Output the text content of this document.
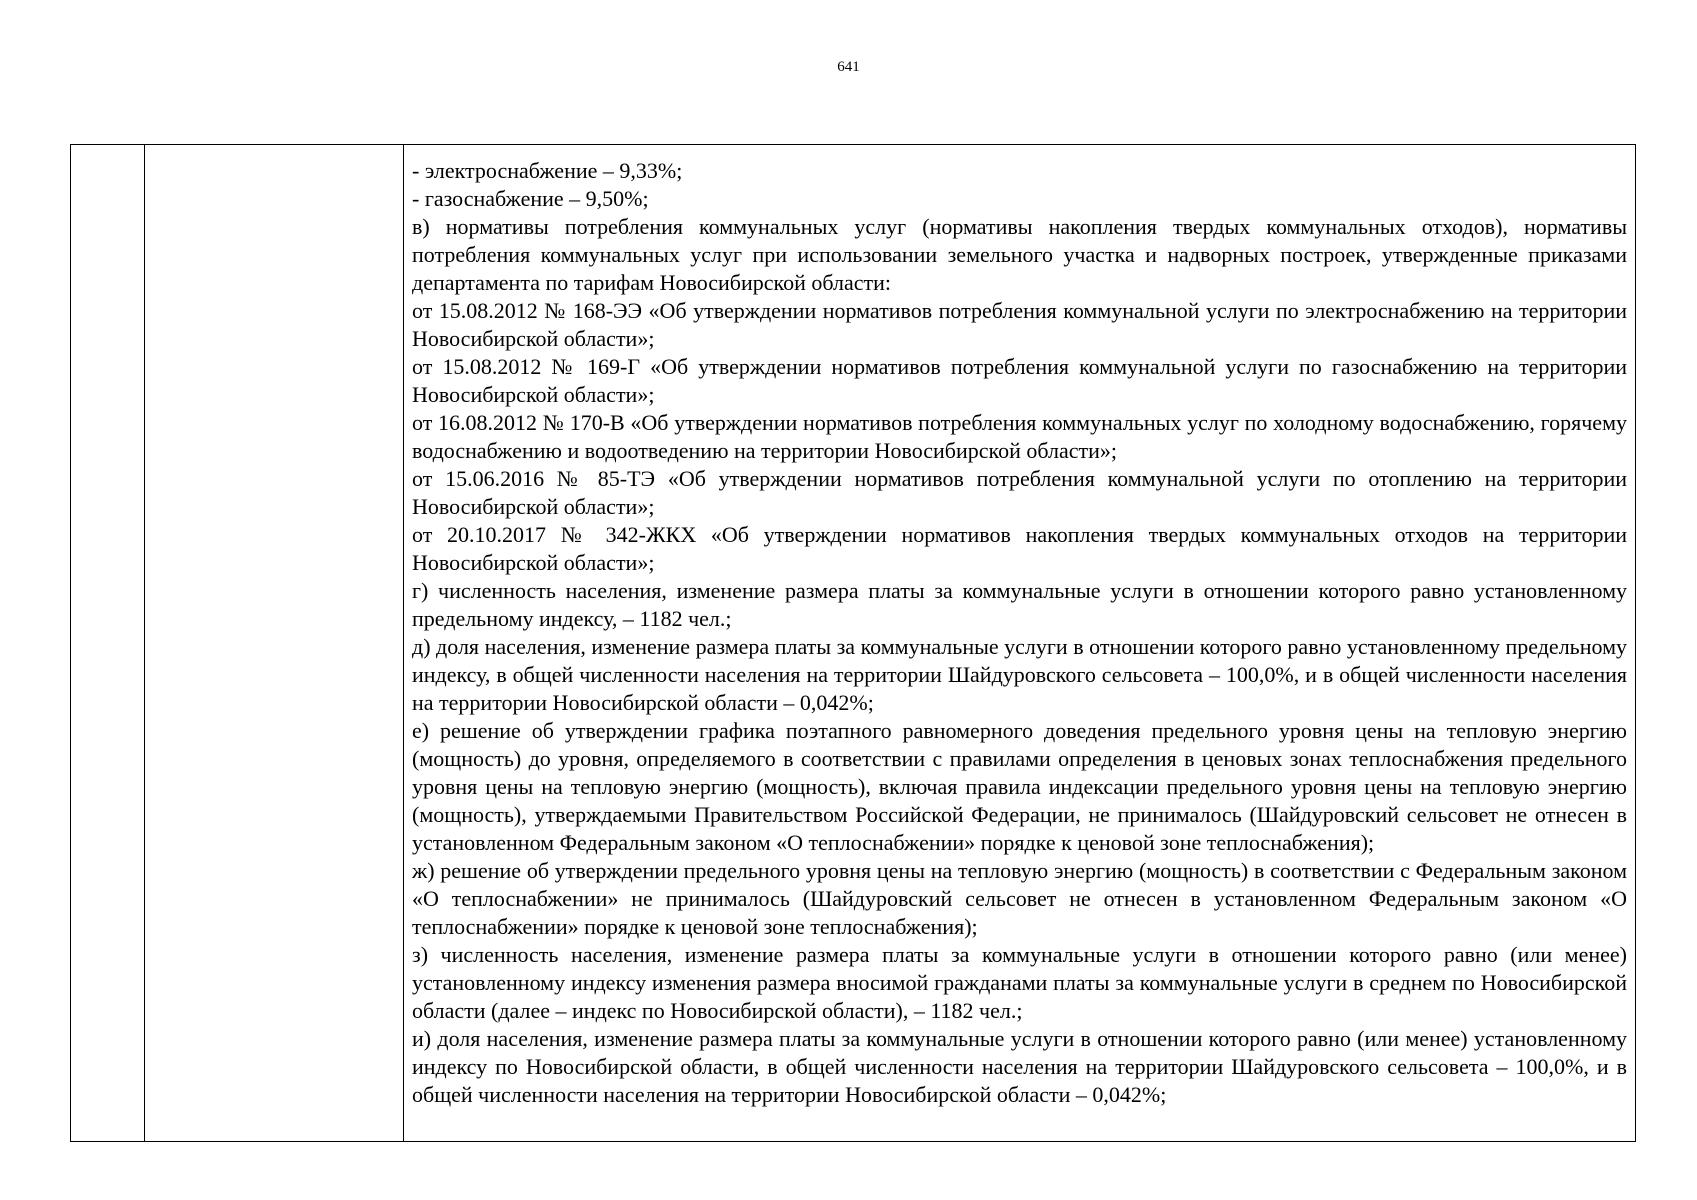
641

- электроснабжение – 9,33%;

- газоснабжение – 9,50%;

в) нормативы потребления коммунальных услуг (нормативы накопления твердых коммунальных отходов), нормативы потребления коммунальных услуг при использовании земельного участка и надворных построек, утвержденные приказами департамента по тарифам Новосибирской области:

от 15.08.2012 № 168-ЭЭ «Об утверждении нормативов потребления коммунальной услуги по электроснабжению на территории Новосибирской области»;

от 15.08.2012 № 169-Г «Об утверждении нормативов потребления коммунальной услуги по газоснабжению на территории Новосибирской области»;

от 16.08.2012 № 170-В «Об утверждении нормативов потребления коммунальных услуг по холодному водоснабжению, горячему водоснабжению и водоотведению на территории Новосибирской области»;

от 15.06.2016 № 85-ТЭ «Об утверждении нормативов потребления коммунальной услуги по отоплению на территории Новосибирской области»;

от 20.10.2017 № 342-ЖКХ «Об утверждении нормативов накопления твердых коммунальных отходов на территории Новосибирской области»;

г) численность населения, изменение размера платы за коммунальные услуги в отношении которого равно установленному предельному индексу, – 1182 чел.;

д) доля населения, изменение размера платы за коммунальные услуги в отношении которого равно установленному предельному индексу, в общей численности населения на территории Шайдуровского сельсовета – 100,0%, и в общей численности населения на территории Новосибирской области – 0,042%;

е) решение об утверждении графика поэтапного равномерного доведения предельного уровня цены на тепловую энергию (мощность) до уровня, определяемого в соответствии с правилами определения в ценовых зонах теплоснабжения предельного уровня цены на тепловую энергию (мощность), включая правила индексации предельного уровня цены на тепловую энергию (мощность), утверждаемыми Правительством Российской Федерации, не принималось (Шайдуровский сельсовет не отнесен в установленном Федеральным законом «О теплоснабжении» порядке к ценовой зоне теплоснабжения);

ж) решение об утверждении предельного уровня цены на тепловую энергию (мощность) в соответствии с Федеральным законом «О теплоснабжении» не принималось (Шайдуровский сельсовет не отнесен в установленном Федеральным законом «О теплоснабжении» порядке к ценовой зоне теплоснабжения);

з) численность населения, изменение размера платы за коммунальные услуги в отношении которого равно (или менее) установленному индексу изменения размера вносимой гражданами платы за коммунальные услуги в среднем по Новосибирской области (далее – индекс по Новосибирской области), – 1182 чел.;

и) доля населения, изменение размера платы за коммунальные услуги в отношении которого равно (или менее) установленному индексу по Новосибирской области, в общей численности населения на территории Шайдуровского сельсовета – 100,0%, и в общей численности населения на территории Новосибирской области – 0,042%;
